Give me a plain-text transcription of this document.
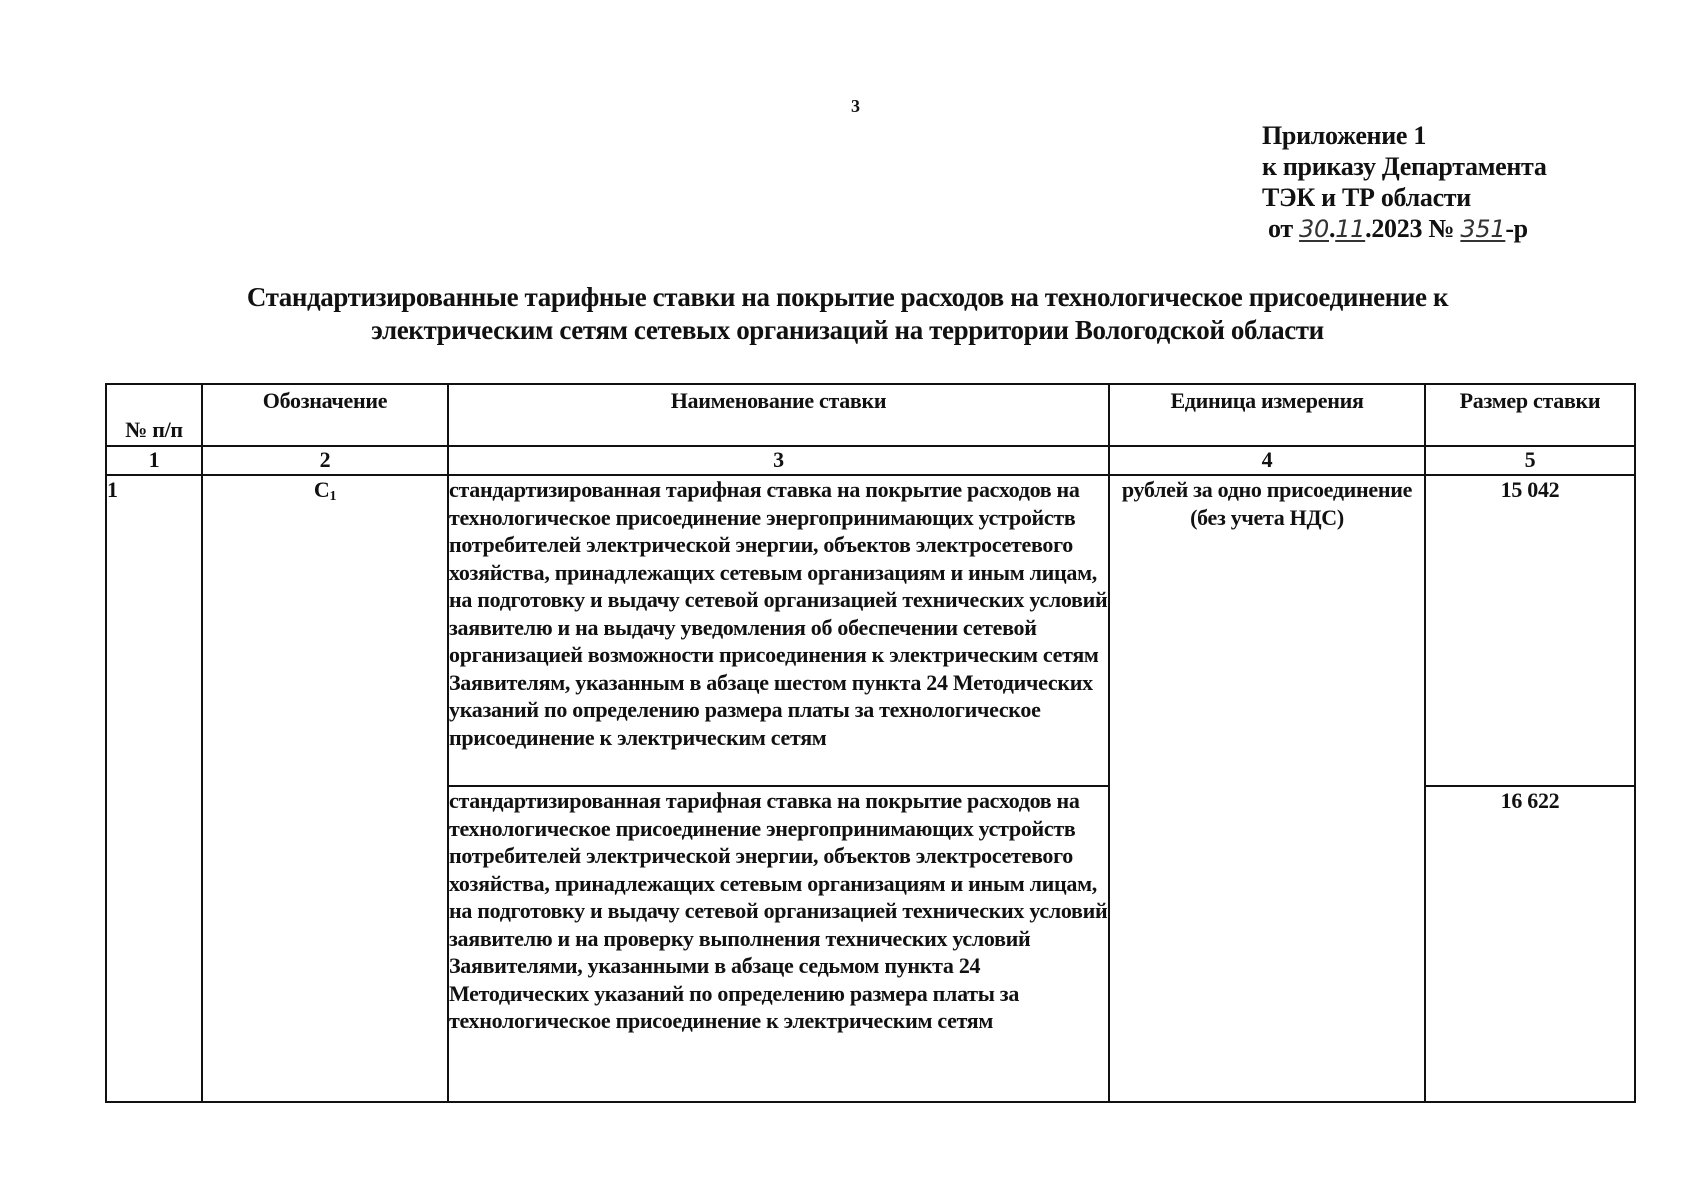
3
Приложение 1
к приказу Департамента
ТЭК и ТР области
от 30.11.2023 № 351-р
Стандартизированные тарифные ставки на покрытие расходов на технологическое присоединение к
электрическим сетям сетевых организаций на территории Вологодской области
№ п/п	Обозначение	Наименование ставки	Единица измерения	Размер ставки

1	2	3	4	5
1	$C_1$	стандартизированная тарифная ставка на покрытие расходов на технологическое присоединение энергопринимающих устройств потребителей электрической энергии, объектов электросетевого хозяйства, принадлежащих сетевым организациям и иным лицам, на подготовку и выдачу сетевой организацией технических условий заявителю и на выдачу уведомления об обеспечении сетевой организацией возможности присоединения к электрическим сетям Заявителям, указанным в абзаце шестом пункта 24 Методических указаний по определению размера платы за технологическое присоединение к электрическим сетям	рублей за одно присоединение (без учета НДС)	15 042
		стандартизированная тарифная ставка на покрытие расходов на технологическое присоединение энергопринимающих устройств потребителей электрической энергии, объектов электросетевого хозяйства, принадлежащих сетевым организациям и иным лицам, на подготовку и выдачу сетевой организацией технических условий заявителю и на проверку выполнения технических условий Заявителями, указанными в абзаце седьмом пункта 24 Методических указаний по определению размера платы за технологическое присоединение к электрическим сетям		16 622
